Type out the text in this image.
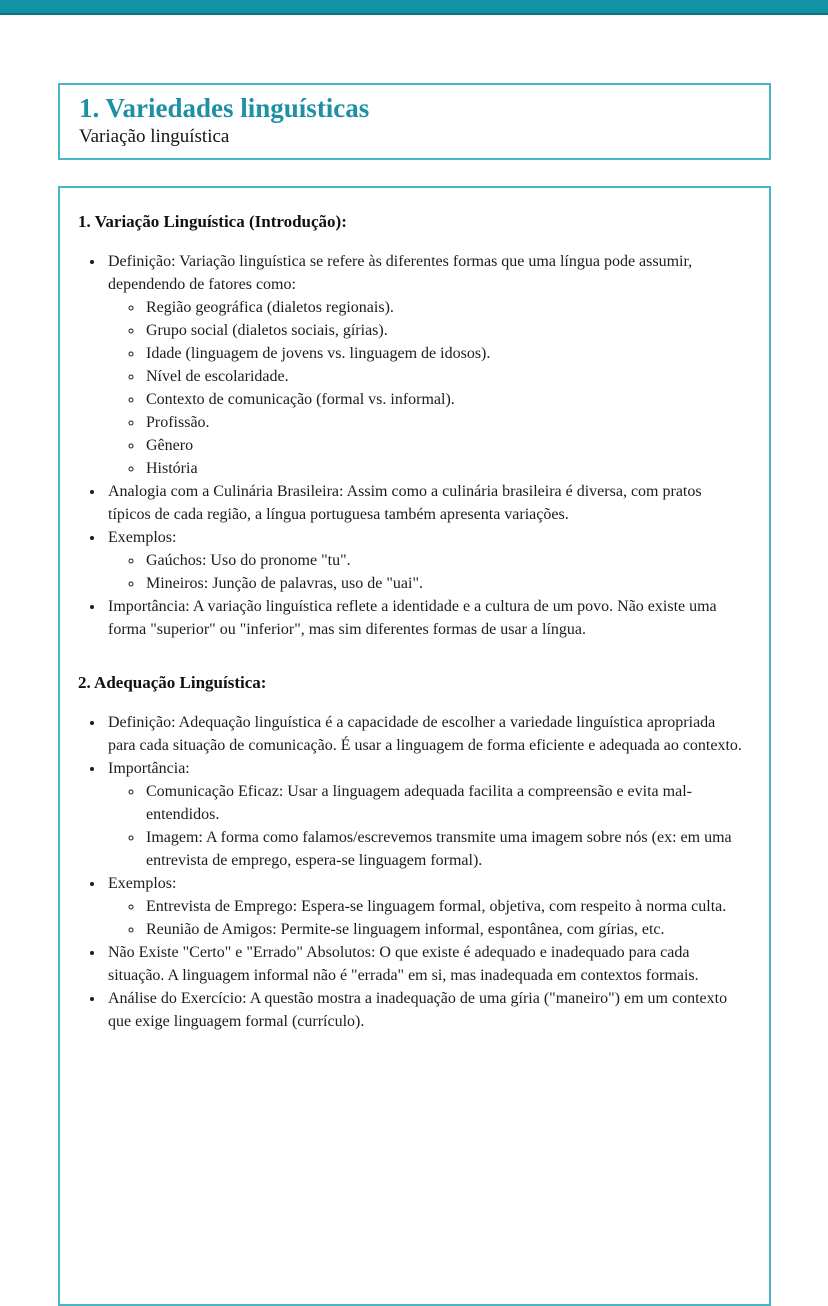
1. Variedades linguísticas

Variação linguística

1. Variação Linguística (Introdução):
• Definição: Variação linguística se refere às diferentes formas que uma língua pode assumir, dependendo de fatores como:
◦ Região geográfica (dialetos regionais).
◦ Grupo social (dialetos sociais, gírias).
◦ Idade (linguagem de jovens vs. linguagem de idosos).
◦ Nível de escolaridade.
◦ Contexto de comunicação (formal vs. informal).
◦ Profissão.
◦ Gênero
◦ História
• Analogia com a Culinária Brasileira: Assim como a culinária brasileira é diversa, com pratos típicos de cada região, a língua portuguesa também apresenta variações.
• Exemplos:
◦ Gaúchos: Uso do pronome "tu".
◦ Mineiros: Junção de palavras, uso de "uai".
• Importância: A variação linguística reflete a identidade e a cultura de um povo. Não existe uma forma "superior" ou "inferior", mas sim diferentes formas de usar a língua.
2. Adequação Linguística:
• Definição: Adequação linguística é a capacidade de escolher a variedade linguística apropriada para cada situação de comunicação. É usar a linguagem de forma eficiente e adequada ao contexto.
• Importância:
◦ Comunicação Eficaz: Usar a linguagem adequada facilita a compreensão e evita mal-entendidos.
◦ Imagem: A forma como falamos/escrevemos transmite uma imagem sobre nós (ex: em uma entrevista de emprego, espera-se linguagem formal).
• Exemplos:
◦ Entrevista de Emprego: Espera-se linguagem formal, objetiva, com respeito à norma culta.
◦ Reunião de Amigos: Permite-se linguagem informal, espontânea, com gírias, etc.
• Não Existe "Certo" e "Errado" Absolutos: O que existe é adequado e inadequado para cada situação. A linguagem informal não é "errada" em si, mas inadequada em contextos formais.
• Análise do Exercício: A questão mostra a inadequação de uma gíria ("maneiro") em um contexto que exige linguagem formal (currículo).
